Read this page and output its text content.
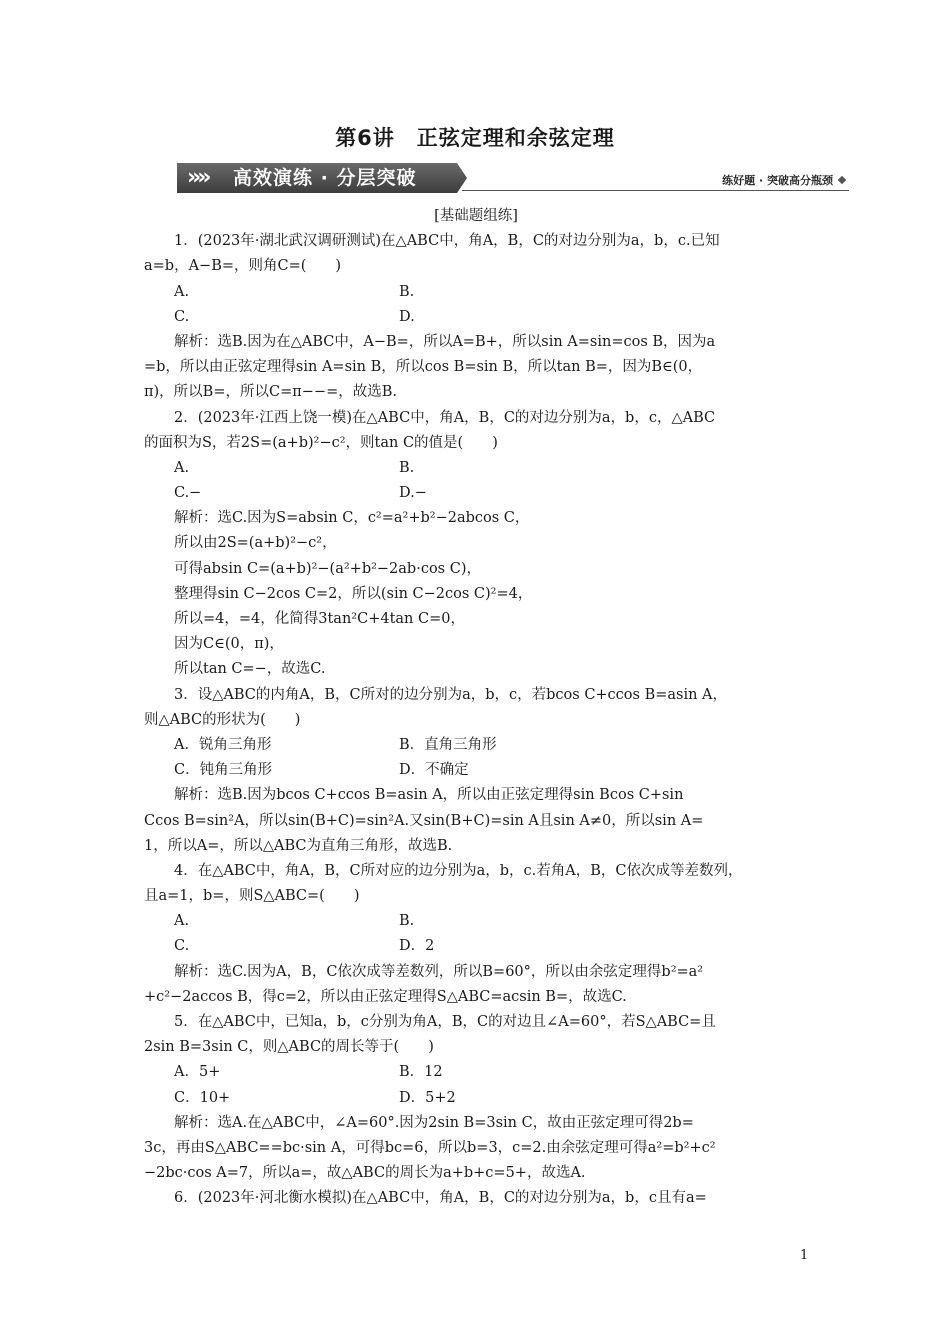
第6讲　正弦定理和余弦定理
»» 高效演练 · 分层突破	练好题 · 突破高分瓶颈
[基础题组练]
1．(2023年·湖北武汉调研测试)在△ABC中，角A，B，C的对边分别为a，b，c.已知
a=b，A−B=，则角C=(　　)
A.	B.
C.	D.
解析：选B.因为在△ABC中，A−B=，所以A=B+，所以sin A=sin=cos B，因为a
=b，所以由正弦定理得sin A=sin B，所以cos B=sin B，所以tan B=，因为B∈(0，
π)，所以B=，所以C=π−−=，故选B.
2．(2023年·江西上饶一模)在△ABC中，角A，B，C的对边分别为a，b，c，△ABC
的面积为S，若2S=(a+b)²−c²，则tan C的值是(　　)
A.	B.
C.−	D.−
解析：选C.因为S=absin C，c²=a²+b²−2abcos C，
所以由2S=(a+b)²−c²，
可得absin C=(a+b)²−(a²+b²−2ab·cos C)，
整理得sin C−2cos C=2，所以(sin C−2cos C)²=4，
所以=4，=4，化简得3tan²C+4tan C=0，
因为C∈(0，π)，
所以tan C=−，故选C.
3．设△ABC的内角A，B，C所对的边分别为a，b，c，若bcos C+ccos B=asin A，
则△ABC的形状为(　　)
A．锐角三角形	B．直角三角形
C．钝角三角形	D．不确定
解析：选B.因为bcos C+ccos B=asin A，所以由正弦定理得sin Bcos C+sin
Ccos B=sin²A，所以sin(B+C)=sin²A.又sin(B+C)=sin A且sin A≠0，所以sin A=
1，所以A=，所以△ABC为直角三角形，故选B.
4．在△ABC中，角A，B，C所对应的边分别为a，b，c.若角A，B，C依次成等差数列，
且a=1，b=，则S△ABC=(　　)
A.	B.
C.	D．2
解析：选C.因为A，B，C依次成等差数列，所以B=60°，所以由余弦定理得b²=a²
+c²−2accos B，得c=2，所以由正弦定理得S△ABC=acsin B=，故选C.
5．在△ABC中，已知a，b，c分别为角A，B，C的对边且∠A=60°，若S△ABC=且
2sin B=3sin C，则△ABC的周长等于(　　)
A．5+	B．12
C．10+	D．5+2
解析：选A.在△ABC中，∠A=60°.因为2sin B=3sin C，故由正弦定理可得2b=
3c，再由S△ABC==bc·sin A，可得bc=6，所以b=3，c=2.由余弦定理可得a²=b²+c²
−2bc·cos A=7，所以a=，故△ABC的周长为a+b+c=5+，故选A.
6．(2023年·河北衡水模拟)在△ABC中，角A，B，C的对边分别为a，b，c且有a=
1
